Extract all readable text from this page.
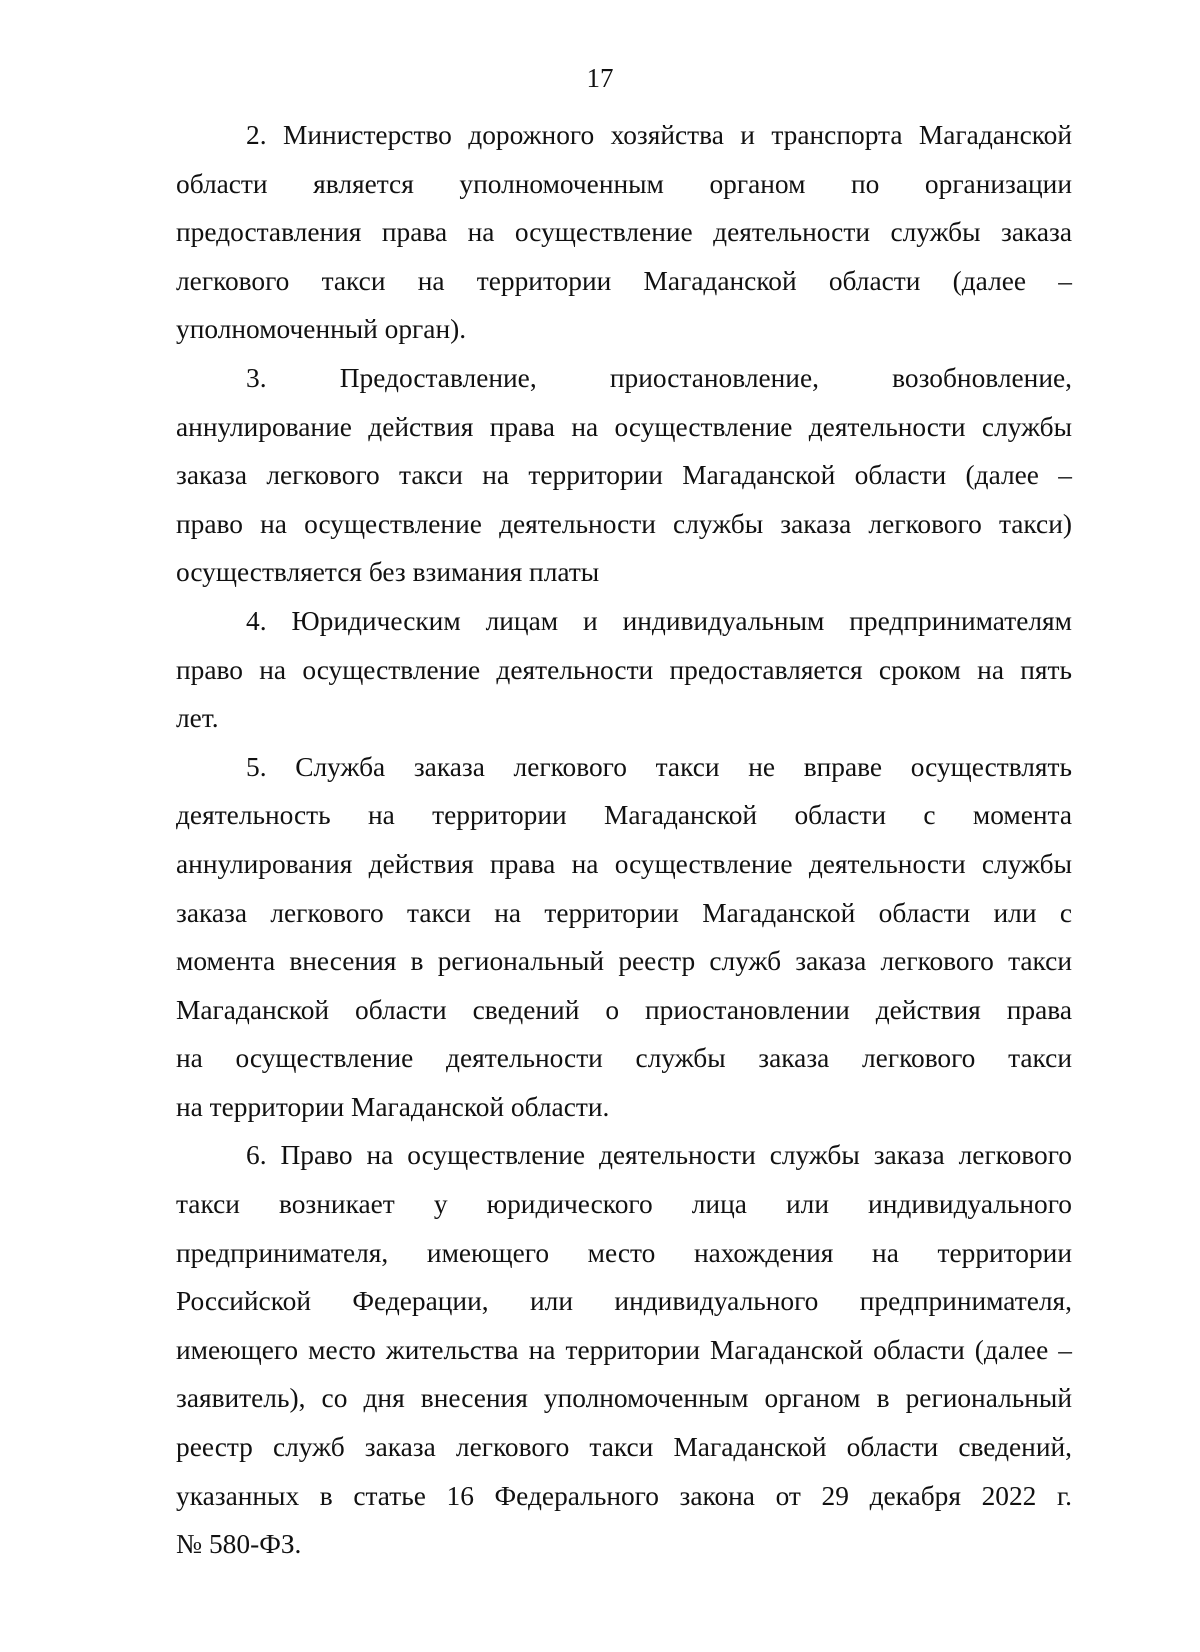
17
2. Министерство дорожного хозяйства и транспорта Магаданской
области является уполномоченным органом по организации
предоставления права на осуществление деятельности службы заказа
легкового такси на территории Магаданской области (далее –
уполномоченный орган).
3. Предоставление, приостановление, возобновление,
аннулирование действия права на осуществление деятельности службы
заказа легкового такси на территории Магаданской области (далее –
право на осуществление деятельности службы заказа легкового такси)
осуществляется без взимания платы
4. Юридическим лицам и индивидуальным предпринимателям
право на осуществление деятельности предоставляется сроком на пять
лет.
5. Служба заказа легкового такси не вправе осуществлять
деятельность на территории Магаданской области с момента
аннулирования действия права на осуществление деятельности службы
заказа легкового такси на территории Магаданской области или с
момента внесения в региональный реестр служб заказа легкового такси
Магаданской области сведений о приостановлении действия права
на осуществление деятельности службы заказа легкового такси
на территории Магаданской области.
6. Право на осуществление деятельности службы заказа легкового
такси возникает у юридического лица или индивидуального
предпринимателя, имеющего место нахождения на территории
Российской Федерации, или индивидуального предпринимателя,
имеющего место жительства на территории Магаданской области (далее –
заявитель), со дня внесения уполномоченным органом в региональный
реестр служб заказа легкового такси Магаданской области сведений,
указанных в статье 16 Федерального закона от 29 декабря 2022 г.
№ 580-ФЗ.
